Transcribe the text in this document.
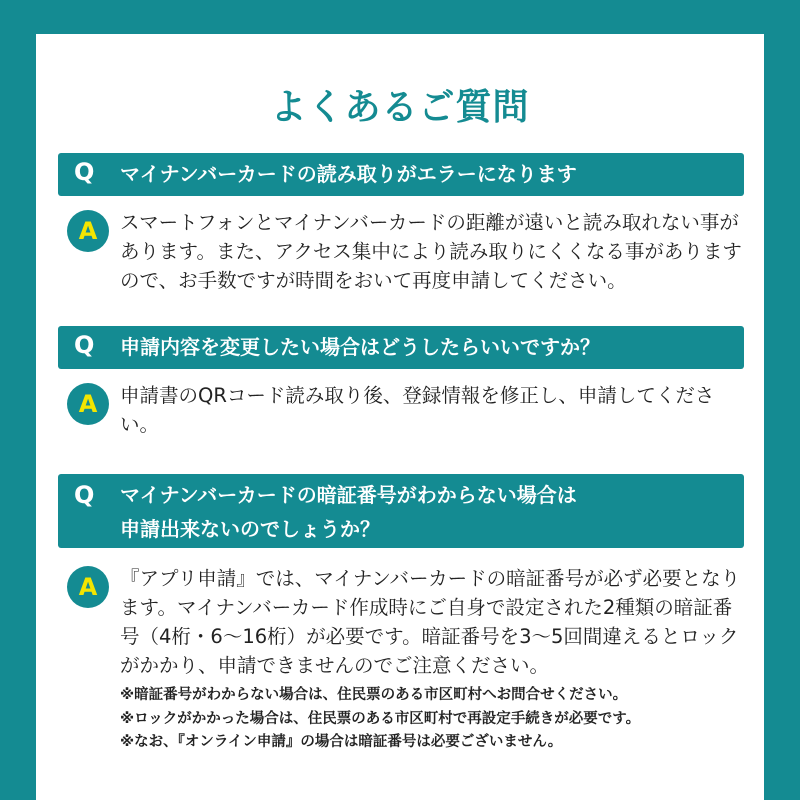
よくあるご質問
Q マイナンバーカードの読み取りがエラーになります
A スマートフォンとマイナンバーカードの距離が遠いと読み取れない事があります。また、アクセス集中により読み取りにくくなる事がありますので、お手数ですが時間をおいて再度申請してください。

Q 申請内容を変更したい場合はどうしたらいいですか？
A 申請書のQRコード読み取り後、登録情報を修正し、申請してください。

Q マイナンバーカードの暗証番号がわからない場合は
申請出来ないのでしょうか？
A 『アプリ申請』では、マイナンバーカードの暗証番号が必ず必要となります。マイナンバーカード作成時にご自身で設定された2種類の暗証番号（4桁・6〜16桁）が必要です。暗証番号を3〜5回間違えるとロックがかかり、申請できませんのでご注意ください。

※暗証番号がわからない場合は、住民票のある市区町村へお問合せください。
※ロックがかかった場合は、住民票のある市区町村で再設定手続きが必要です。
※なお、『オンライン申請』の場合は暗証番号は必要ございません。
